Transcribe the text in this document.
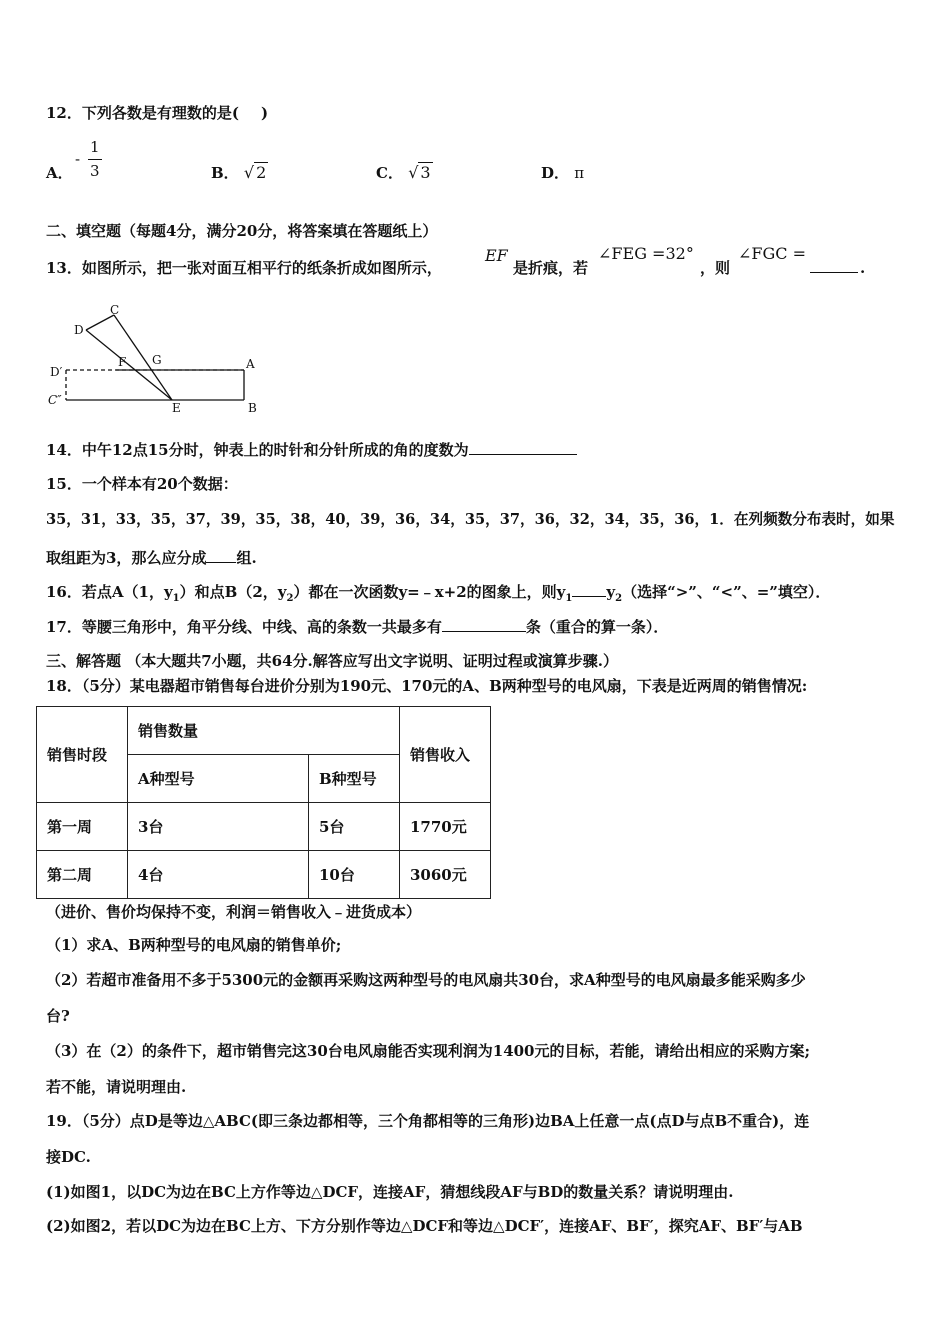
12．下列各数是有理数的是( )
A．
-
1
3	B． √ 2	C． √ 3	D． π
二、填空题（每题4分，满分20分，将答案填在答题纸上）
13．如图所示，把一张对面互相平行的纸条折成如图所示，
EF
是折痕，若
∠FEG =32°
，则
∠FGC =
.
C
D
F G	A
D′
C″
E	B
14．中午12点15分时，钟表上的时针和分针所成的角的度数为
15．一个样本有20个数据：
35，31，33，35，37，39，35，38，40，39，36，34，35，37，36，32，34，35，36，1．在列频数分布表时，如果
取组距为3，那么应分成 组.
16．若点A（1，$y_1$）和点B（2，$y_2$）都在一次函数y=﹣x+2的图象上，则$y_1$ $y_2$（选择“>”、“<”、=”填空）．
17．等腰三角形中，角平分线、中线、高的条数一共最多有	条（重合的算一条）．
三、解答题 （本大题共7小题，共64分.解答应写出文字说明、证明过程或演算步骤.）
18．（5分）某电器超市销售每台进价分别为190元、170元的A、B两种型号的电风扇，下表是近两周的销售情况:
销售时段	销售数量		销售收入
	A种型号	B种型号	
第一周	3台	5台	1770元
第二周	4台	10台	3060元
（进价、售价均保持不变，利润＝销售收入﹣进货成本）
（1）求A、B两种型号的电风扇的销售单价;
（2）若超市准备用不多于5300元的金额再采购这两种型号的电风扇共30台，求A种型号的电风扇最多能采购多少
台?
（3）在（2）的条件下，超市销售完这30台电风扇能否实现利润为1400元的目标，若能，请给出相应的采购方案;
若不能，请说明理由.
19．（5分）点D是等边△ABC(即三条边都相等，三个角都相等的三角形)边BA上任意一点(点D与点B不重合)，连
接DC.
(1)如图1，以DC为边在BC上方作等边△DCF，连接AF，猜想线段AF与BD的数量关系？请说明理由.
(2)如图2，若以DC为边在BC上方、下方分别作等边△DCF和等边△DCF′，连接AF、BF′，探究AF、BF′与AB
